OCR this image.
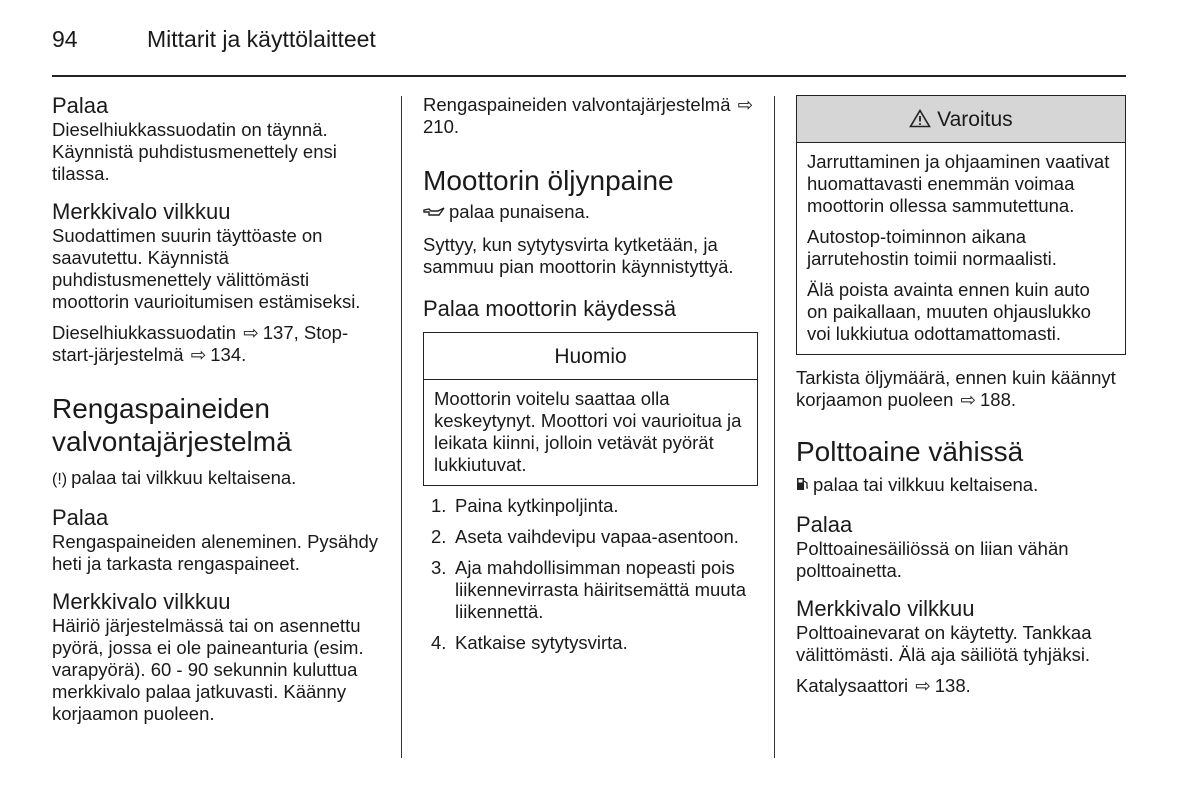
94	Mittarit ja käyttölaitteet
Palaa

Dieselhiukkassuodatin on täynnä. Käynnistä puhdistusmenettely ensi tilassa.

Merkkivalo vilkkuu

Suodattimen suurin täyttöaste on saavutettu. Käynnistä puhdistusmenettely välittömästi moottorin vaurioitumisen estämiseksi.

Dieselhiukkassuodatin ⇨ 137, Stop-start-järjestelmä ⇨ 134.

Rengaspaineiden valvontajärjestelmä

(!) palaa tai vilkkuu keltaisena.

Palaa

Rengaspaineiden aleneminen. Pysähdy heti ja tarkasta rengaspaineet.

Merkkivalo vilkkuu

Häiriö järjestelmässä tai on asennettu pyörä, jossa ei ole paineanturia (esim. varapyörä). 60 - 90 sekunnin kuluttua merkkivalo palaa jatkuvasti. Käänny korjaamon puoleen.

Rengaspaineiden valvontajärjestelmä ⇨210.

Moottorin öljynpaine

palaa punaisena.

Syttyy, kun sytytysvirta kytketään, ja sammuu pian moottorin käynnistyttyä.

Palaa moottorin käydessä
Huomio

Moottorin voitelu saattaa olla keskeytynyt. Moottori voi vaurioitua ja leikata kiinni, jolloin vetävät pyörät lukkiutuvat.

1. Paina kytkinpoljinta.
2. Aseta vaihdevipu vapaa-asentoon.
3. Aja mahdollisimman nopeasti pois liikennevirrasta häiritsemättä muuta liikennettä.
4. Katkaise sytytysvirta.
Varoitus

Jarruttaminen ja ohjaaminen vaativat huomattavasti enemmän voimaa moottorin ollessa sammutettuna.

Autostop-toiminnon aikana jarrutehostin toimii normaalisti.

Älä poista avainta ennen kuin auto on paikallaan, muuten ohjauslukko voi lukkiutua odottamattomasti.

Tarkista öljymäärä, ennen kuin käännyt korjaamon puoleen ⇨ 188.

Polttoaine vähissä

palaa tai vilkkuu keltaisena.

Palaa

Polttoainesäiliössä on liian vähän polttoainetta.

Merkkivalo vilkkuu

Polttoainevarat on käytetty. Tankkaa välittömästi. Älä aja säiliötä tyhjäksi.

Katalysaattori ⇨ 138.
